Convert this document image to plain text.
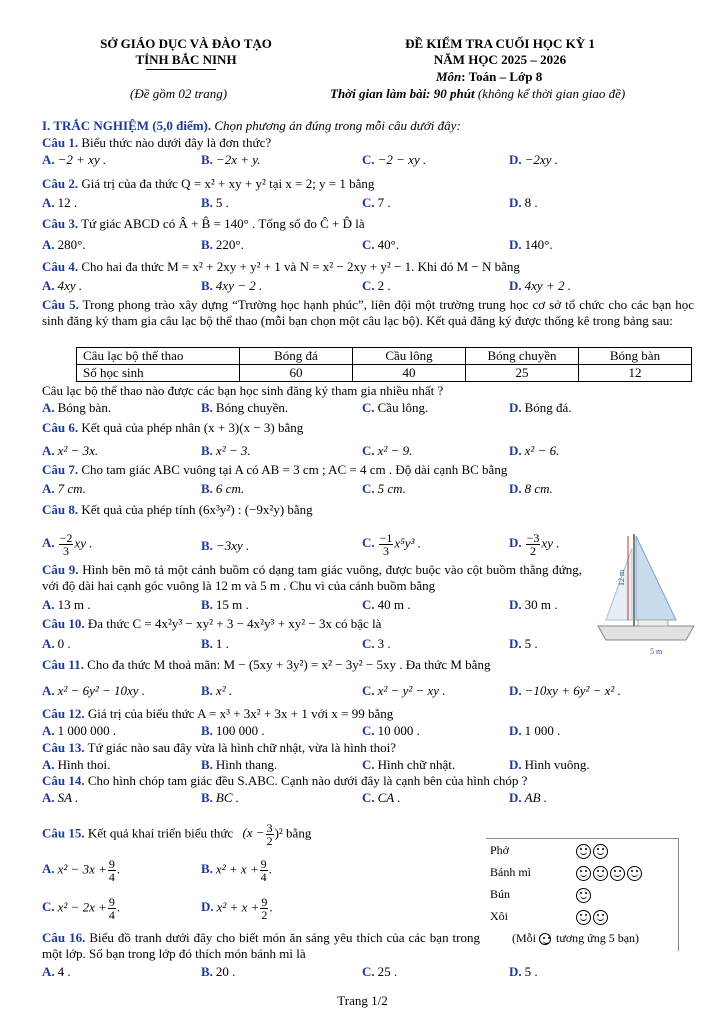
SỞ GIÁO DỤC VÀ ĐÀO TẠO
TỈNH BẮC NINH
(Đề gồm 02 trang)
ĐỀ KIỂM TRA CUỐI HỌC KỲ 1
NĂM HỌC 2025 – 2026
Môn: Toán – Lớp 8
Thời gian làm bài: 90 phút (không kể thời gian giao đề)
I. TRẮC NGHIỆM (5,0 điểm). Chọn phương án đúng trong mỗi câu dưới đây:
Câu 1. Biểu thức nào dưới đây là đơn thức?
A. −2 + xy .	B. −2x + y.	C. −2 − xy .	D. −2xy .
Câu 2. Giá trị của đa thức Q = x² + xy + y² tại x = 2; y = 1 bằng
A. 12 .	B. 5 .	C. 7 .	D. 8 .
Câu 3. Tứ giác ABCD có Â + B̂ = 140° . Tổng số đo Ĉ + D̂ là
A. 280°.	B. 220°.	C. 40°.	D. 140°.
Câu 4. Cho hai đa thức M = x² + 2xy + y² + 1 và N = x² − 2xy + y² − 1. Khi đó M − N bằng
A. 4xy .	B. 4xy − 2 .	C. 2 .	D. 4xy + 2 .
Câu 5. Trong phong trào xây dựng “Trường học hạnh phúc”, liên đội một trường trung học cơ sở tổ chức cho các bạn học sinh đăng ký tham gia câu lạc bộ thể thao (mỗi bạn chọn một câu lạc bộ). Kết quả đăng ký được thống kê trong bảng sau:
Câu lạc bộ thể thao	Bóng đá	Cầu lông	Bóng chuyền	Bóng bàn
Số học sinh	60	40	25	12
Câu lạc bộ thể thao nào được các bạn học sinh đăng ký tham gia nhiều nhất ?
A. Bóng bàn.	B. Bóng chuyền.	C. Cầu lông.	D. Bóng đá.
Câu 6. Kết quả của phép nhân (x + 3)(x − 3) bằng
A. x² − 3x.	B. x² − 3.	C. x² − 9.	D. x² − 6.
Câu 7. Cho tam giác ABC vuông tại A có AB = 3 cm ; AC = 4 cm . Độ dài cạnh BC bằng
A. 7 cm.	B. 6 cm.	C. 5 cm.	D. 8 cm.
Câu 8. Kết quả của phép tính (6x³y²) : (−9x²y) bằng
A. $\frac{-2}{3}$ xy .	B. −3xy .	C. $\frac{-1}{3} x^5y^3$ .	D. $\frac{-3}{2}$ xy .
12 m
5 m
Câu 9. Hình bên mô tả một cánh buồm có dạng tam giác vuông, được buộc vào cột buồm thẳng đứng, với độ dài hai cạnh góc vuông là 12 m và 5 m . Chu vi của cánh buồm bằng
A. 13 m .	B. 15 m .	C. 40 m .	D. 30 m .
Câu 10. Đa thức C = 4x²y³ − xy² + 3 − 4x²y³ + xy² − 3x có bậc là
A. 0 .	B. 1 .	C. 3 .	D. 5 .
Câu 11. Cho đa thức M thoả mãn: M − (5xy + 3y²) = x² − 3y² − 5xy . Đa thức M bằng
A. x² − 6y² − 10xy .	B. x² .	C. x² − y² − xy .	D. −10xy + 6y² − x² .
Câu 12. Giá trị của biểu thức A = x³ + 3x² + 3x + 1 với x = 99 bằng
A. 1 000 000 .	B. 100 000 .	C. 10 000 .	D. 1 000 .
Câu 13. Tứ giác nào sau đây vừa là hình chữ nhật, vừa là hình thoi?
A. Hình thoi.	B. Hình thang.	C. Hình chữ nhật.	D. Hình vuông.
Câu 14. Cho hình chóp tam giác đều S.ABC. Cạnh nào dưới đây là cạnh bên của hình chóp ?
A. SA .	B. BC .	C. CA .	D. AB .
Câu 15. Kết quả khai triển biểu thức $(x - \frac{3}{2} )^2$ bằng
A. $x^2 - 3x + \frac{9}{4}$ .	B. $x^2 + x + \frac{9}{4}$ .
C. $x^2 - 2x + \frac{9}{4}$ .	D. $x^2 + x + \frac{9}{2}$ .
Phở
Bánh mì
Bún
Xôi
(Mỗi tương ứng 5 bạn)
Câu 16. Biểu đồ tranh dưới đây cho biết món ăn sáng yêu thích của các bạn trong một lớp. Số bạn trong lớp đó thích món bánh mì là
A. 4 .	B. 20 .	C. 25 .	D. 5 .
Trang 1/2
